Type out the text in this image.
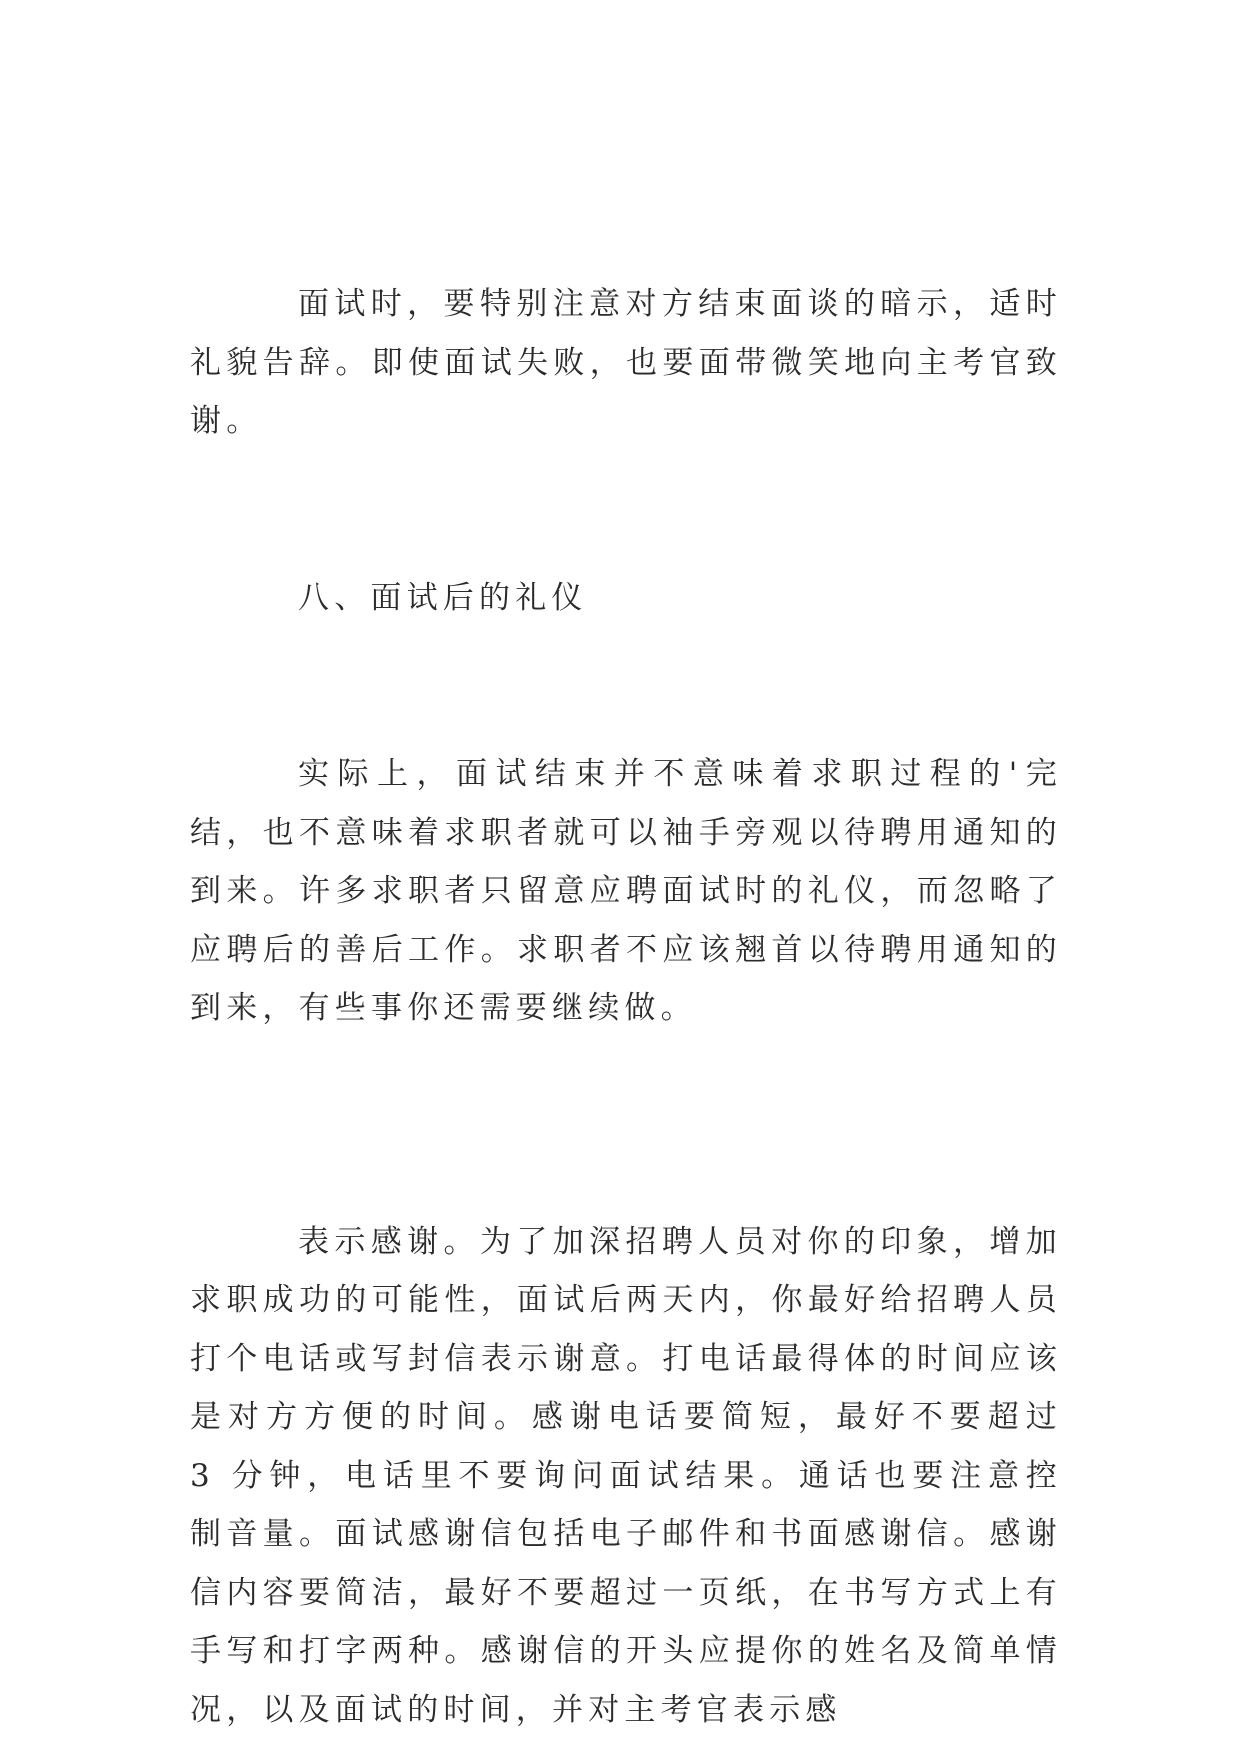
面试时，要特别注意对方结束面谈的暗示，适时礼貌告辞。即使面试失败，也要面带微笑地向主考官致谢。

八、面试后的礼仪

实际上，面试结束并不意味着求职过程的'完结，也不意味着求职者就可以袖手旁观以待聘用通知的到来。许多求职者只留意应聘面试时的礼仪，而忽略了应聘后的善后工作。求职者不应该翘首以待聘用通知的到来，有些事你还需要继续做。

表示感谢。为了加深招聘人员对你的印象，增加求职成功的可能性，面试后两天内，你最好给招聘人员打个电话或写封信表示谢意。打电话最得体的时间应该是对方方便的时间。感谢电话要简短，最好不要超过 3 分钟，电话里不要询问面试结果。通话也要注意控制音量。面试感谢信包括电子邮件和书面感谢信。感谢信内容要简洁，最好不要超过一页纸，在书写方式上有手写和打字两种。感谢信的开头应提你的姓名及简单情况，以及面试的时间，并对主考官表示感
